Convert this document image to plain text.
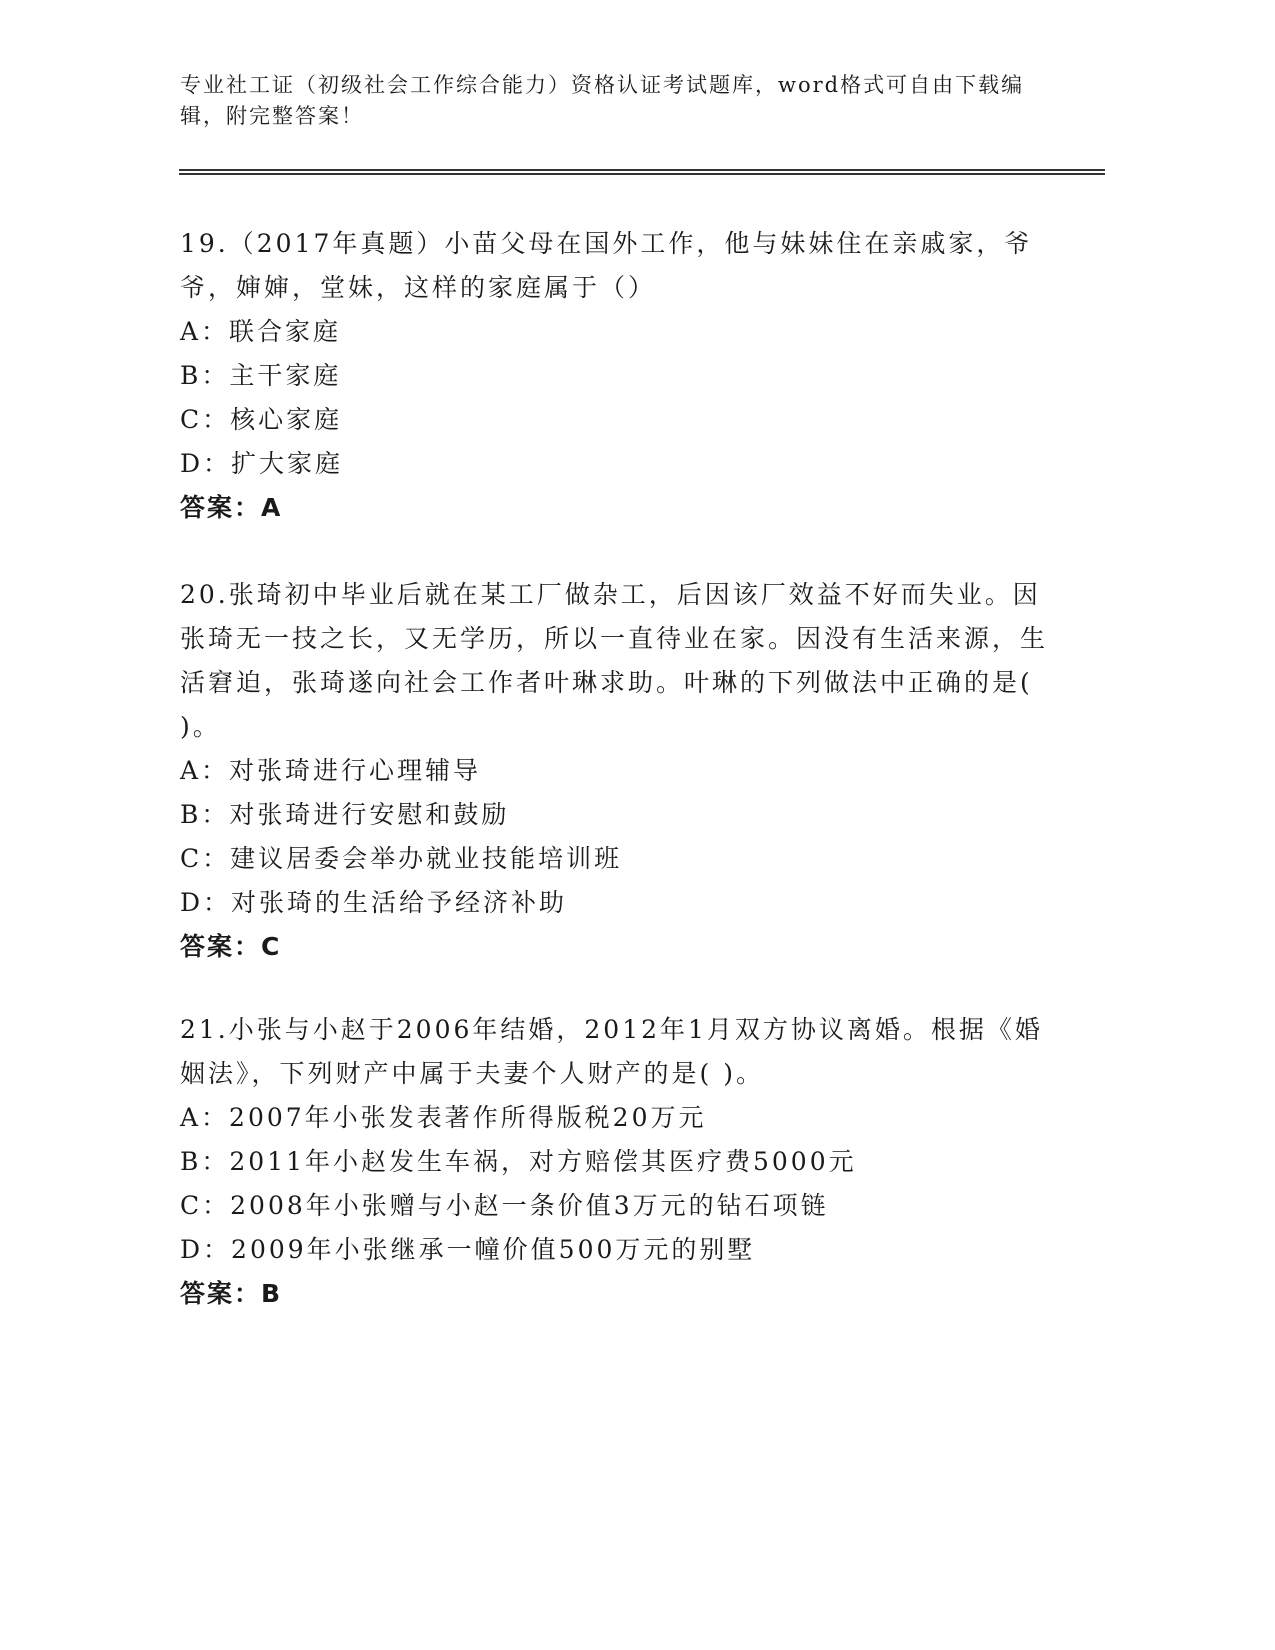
专业社工证（初级社会工作综合能力）资格认证考试题库，word格式可自由下载编辑，附完整答案！

19.（2017年真题）小苗父母在国外工作，他与妹妹住在亲戚家，爷爷，婶婶，堂妹，这样的家庭属于（）

A：联合家庭

B：主干家庭

C：核心家庭

D：扩大家庭

答案：A

20.张琦初中毕业后就在某工厂做杂工，后因该厂效益不好而失业。因张琦无一技之长，又无学历，所以一直待业在家。因没有生活来源，生活窘迫，张琦遂向社会工作者叶琳求助。叶琳的下列做法中正确的是( )。

A：对张琦进行心理辅导

B：对张琦进行安慰和鼓励

C：建议居委会举办就业技能培训班

D：对张琦的生活给予经济补助

答案：C

21.小张与小赵于2006年结婚，2012年1月双方协议离婚。根据《婚姻法》，下列财产中属于夫妻个人财产的是( )。

A：2007年小张发表著作所得版税20万元

B：2011年小赵发生车祸，对方赔偿其医疗费5000元

C：2008年小张赠与小赵一条价值3万元的钻石项链

D：2009年小张继承一幢价值500万元的别墅

答案：B
